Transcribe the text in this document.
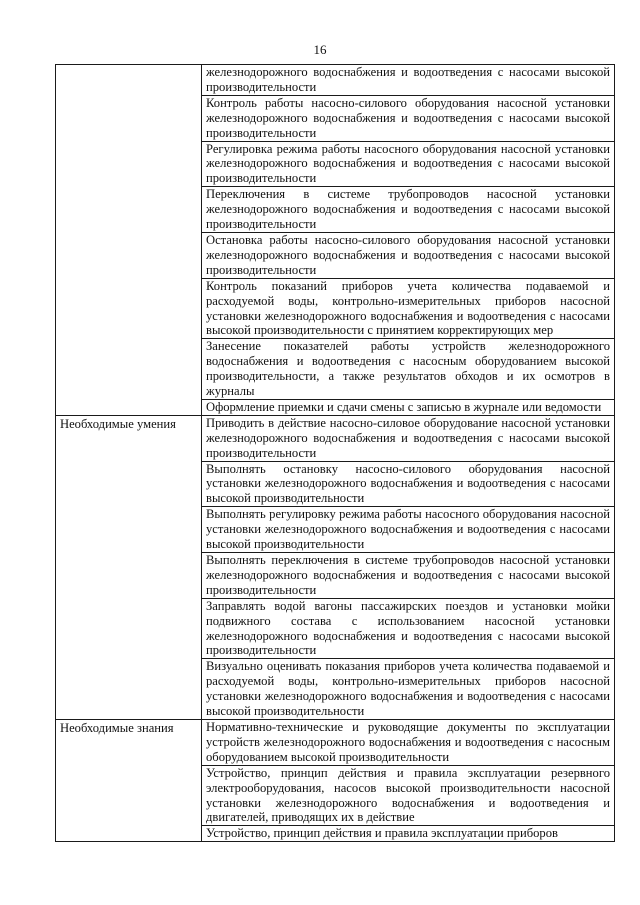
16
	железнодорожного водоснабжения и водоотведения с насосами высокой производительности
	Контроль работы насосно-силового оборудования насосной установки железнодорожного водоснабжения и водоотведения с насосами высокой производительности
	Регулировка режима работы насосного оборудования насосной установки железнодорожного водоснабжения и водоотведения с насосами высокой производительности
	Переключения в системе трубопроводов насосной установки железнодорожного водоснабжения и водоотведения с насосами высокой производительности
	Остановка работы насосно-силового оборудования насосной установки железнодорожного водоснабжения и водоотведения с насосами высокой производительности
	Контроль показаний приборов учета количества подаваемой и расходуемой воды, контрольно-измерительных приборов насосной установки железнодорожного водоснабжения и водоотведения с насосами высокой производительности с принятием корректирующих мер
	Занесение показателей работы устройств железнодорожного водоснабжения и водоотведения с насосным оборудованием высокой производительности, а также результатов обходов и их осмотров в журналы
	Оформление приемки и сдачи смены с записью в журнале или ведомости
Необходимые умения	Приводить в действие насосно-силовое оборудование насосной установки железнодорожного водоснабжения и водоотведения с насосами высокой производительности
	Выполнять остановку насосно-силового оборудования насосной установки железнодорожного водоснабжения и водоотведения с насосами высокой производительности
	Выполнять регулировку режима работы насосного оборудования насосной установки железнодорожного водоснабжения и водоотведения с насосами высокой производительности
	Выполнять переключения в системе трубопроводов насосной установки железнодорожного водоснабжения и водоотведения с насосами высокой производительности
	Заправлять водой вагоны пассажирских поездов и установки мойки подвижного состава с использованием насосной установки железнодорожного водоснабжения и водоотведения с насосами высокой производительности
	Визуально оценивать показания приборов учета количества подаваемой и расходуемой воды, контрольно-измерительных приборов насосной установки железнодорожного водоснабжения и водоотведения с насосами высокой производительности
Необходимые знания	Нормативно-технические и руководящие документы по эксплуатации устройств железнодорожного водоснабжения и водоотведения с насосным оборудованием высокой производительности
	Устройство, принцип действия и правила эксплуатации резервного электрооборудования, насосов высокой производительности насосной установки железнодорожного водоснабжения и водоотведения и двигателей, приводящих их в действие
	Устройство, принцип действия и правила эксплуатации приборов
